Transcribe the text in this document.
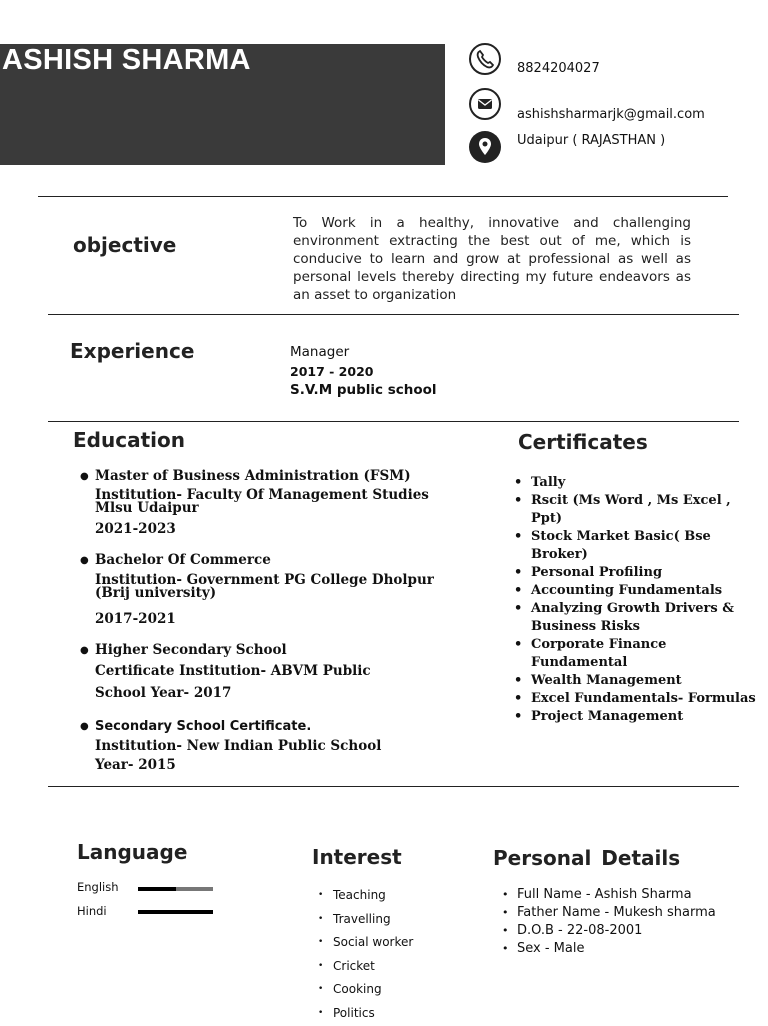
ASHISH SHARMA	8824204027
ashishsharmarjk@gmail.com
Udaipur ( RAJASTHAN )
objective
To Work in a healthy, innovative and challenging environment extracting the best out of me, which is conducive to learn and grow at professional as well as personal levels thereby directing my future endeavors as an asset to organization
Experience	Manager
2017 - 2020
S.V.M public school
Education
● Master of Business Administration (FSM)
Institution- Faculty Of Management Studies
Mlsu Udaipur
2021-2023
● Bachelor Of Commerce
Institution- Government PG College Dholpur
(Brij university)
2017-2021
● Higher Secondary School
Certificate Institution- ABVM Public
School Year- 2017
● Secondary School Certificate.
Institution- New Indian Public School
Year- 2015
Certificates
• Tally
• Rscit (Ms Word , Ms Excel , Ppt)
• Stock Market Basic( Bse Broker)
• Personal Profiling
• Accounting Fundamentals
• Analyzing Growth Drivers & Business Risks
• Corporate Finance Fundamental
• Wealth Management
• Excel Fundamentals- Formulas
• Project Management
Language
English
Hindi
Interest
• Teaching
• Travelling
• Social worker
• Cricket
• Cooking
• Politics
Personal Details
• Full Name - Ashish Sharma
• Father Name - Mukesh sharma
• D.O.B - 22-08-2001
• Sex - Male
